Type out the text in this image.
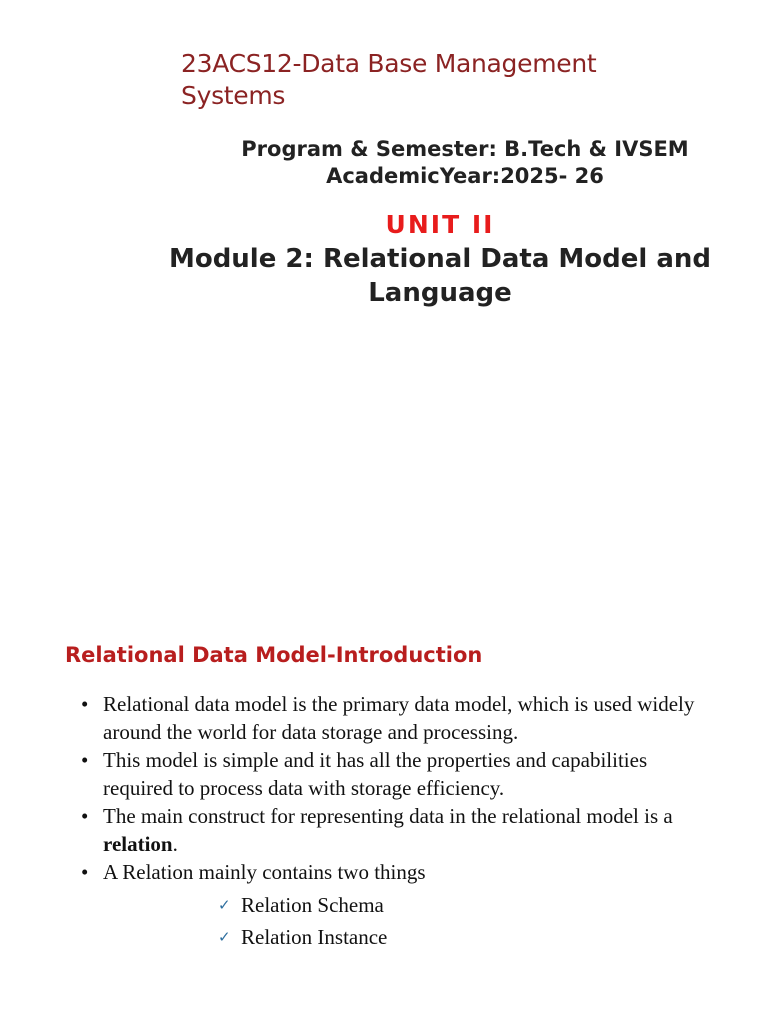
23ACS12-Data Base Management Systems
Program & Semester: B.Tech & IVSEM
AcademicYear:2025- 26
UNIT II
Module 2: Relational Data Model and Language
Relational Data Model-Introduction
• Relational data model is the primary data model, which is used widely around the world for data storage and processing.
• This model is simple and it has all the properties and capabilities required to process data with storage efficiency.
• The main construct for representing data in the relational model is a relation.
• A Relation mainly contains two things
✓ Relation Schema
✓ Relation Instance
